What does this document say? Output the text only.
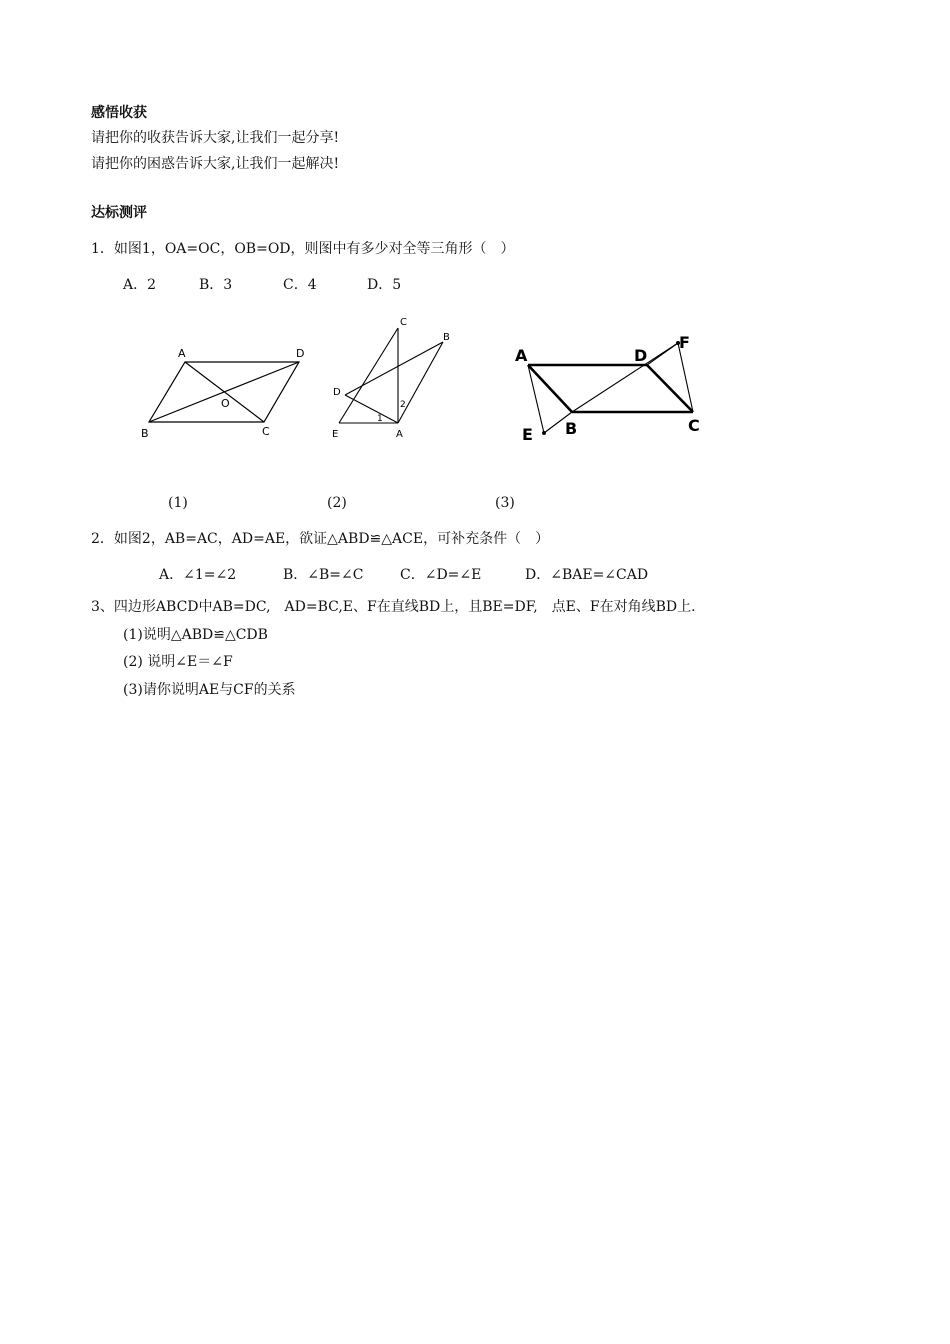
感悟收获
请把你的收获告诉大家,让我们一起分享!
请把你的困惑告诉大家,让我们一起解决!
达标测评
1．如图1，OA=OC，OB=OD，则图中有多少对全等三角形（　）
A．2	B．3	C．4	D．5
A	D
B	C
O
(1)
C
B
D
E	A
1
2
(2)
A	D
F
E B	C
(3)
2．如图2，AB=AC，AD=AE，欲证△ABD≌△ACE，可补充条件（　）
A．∠1=∠2	B．∠B=∠C	C．∠D=∠E	D．∠BAE=∠CAD
3、四边形ABCD中AB=DC,　AD=BC,E、F在直线BD上，且BE=DF,　点E、F在对角线BD上.
(1)说明△ABD≌△CDB
(2) 说明∠E＝∠F
(3)请你说明AE与CF的关系
